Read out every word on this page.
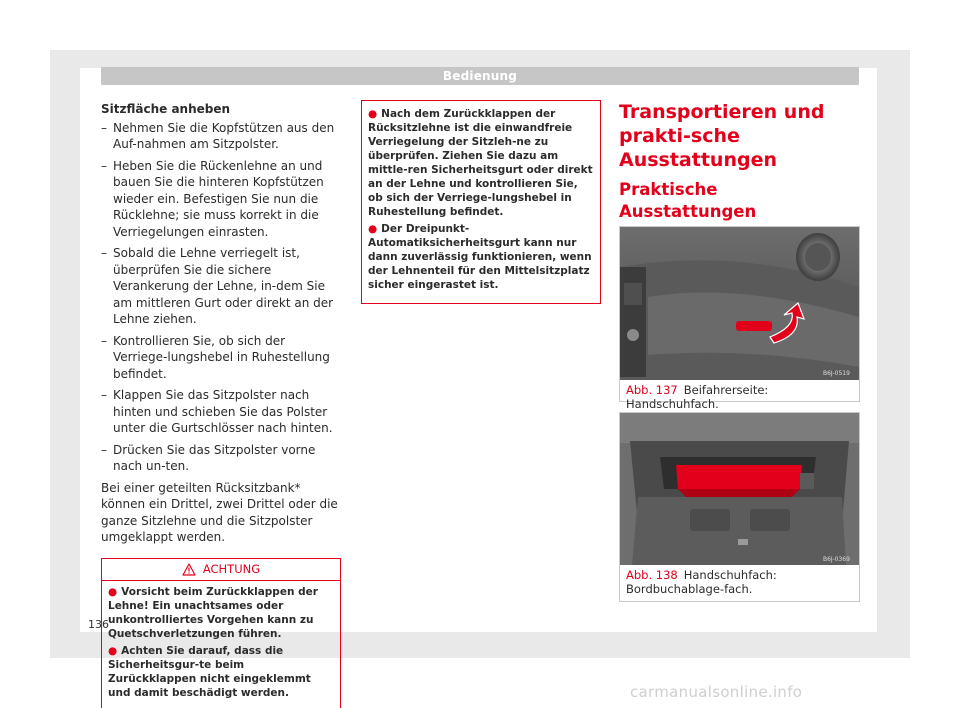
Bedienung
Sitzfläche anheben
– Nehmen Sie die Kopfstützen aus den Auf-nahmen am Sitzpolster.
– Heben Sie die Rückenlehne an und bauen Sie die hinteren Kopfstützen wieder ein. Befestigen Sie nun die Rücklehne; sie muss korrekt in die Verriegelungen einrasten.
– Sobald die Lehne verriegelt ist, überprüfen Sie die sichere Verankerung der Lehne, in-dem Sie am mittleren Gurt oder direkt an der Lehne ziehen.
– Kontrollieren Sie, ob sich der Verriege-lungshebel in Ruhestellung befindet.
– Klappen Sie das Sitzpolster nach hinten und schieben Sie das Polster unter die Gurtschlösser nach hinten.
– Drücken Sie das Sitzpolster vorne nach un-ten.

Bei einer geteilten Rücksitzbank* können ein Drittel, zwei Drittel oder die ganze Sitzlehne und die Sitzpolster umgeklappt werden.

ACHTUNG
● Vorsicht beim Zurückklappen der Lehne! Ein unachtsames oder unkontrolliertes Vorgehen kann zu Quetschverletzungen führen.
● Achten Sie darauf, dass die Sicherheitsgur-te beim Zurückklappen nicht eingeklemmt und damit beschädigt werden.
● Nach dem Zurückklappen der Rücksitzlehne ist die einwandfreie Verriegelung der Sitzleh-ne zu überprüfen. Ziehen Sie dazu am mittle-ren Sicherheitsgurt oder direkt an der Lehne und kontrollieren Sie, ob sich der Verriege-lungshebel in Ruhestellung befindet.
● Der Dreipunkt-Automatiksicherheitsgurt kann nur dann zuverlässig funktionieren, wenn der Lehnenteil für den Mittelsitzplatz sicher eingerastet ist.
Transportieren und prakti-sche Ausstattungen
Praktische Ausstattungen
B6J-0519
Abb. 137 Beifahrerseite: Handschuhfach.
B6J-0369
Abb. 138 Handschuhfach: Bordbuchablage-fach.
136
carmanualsonline.info
